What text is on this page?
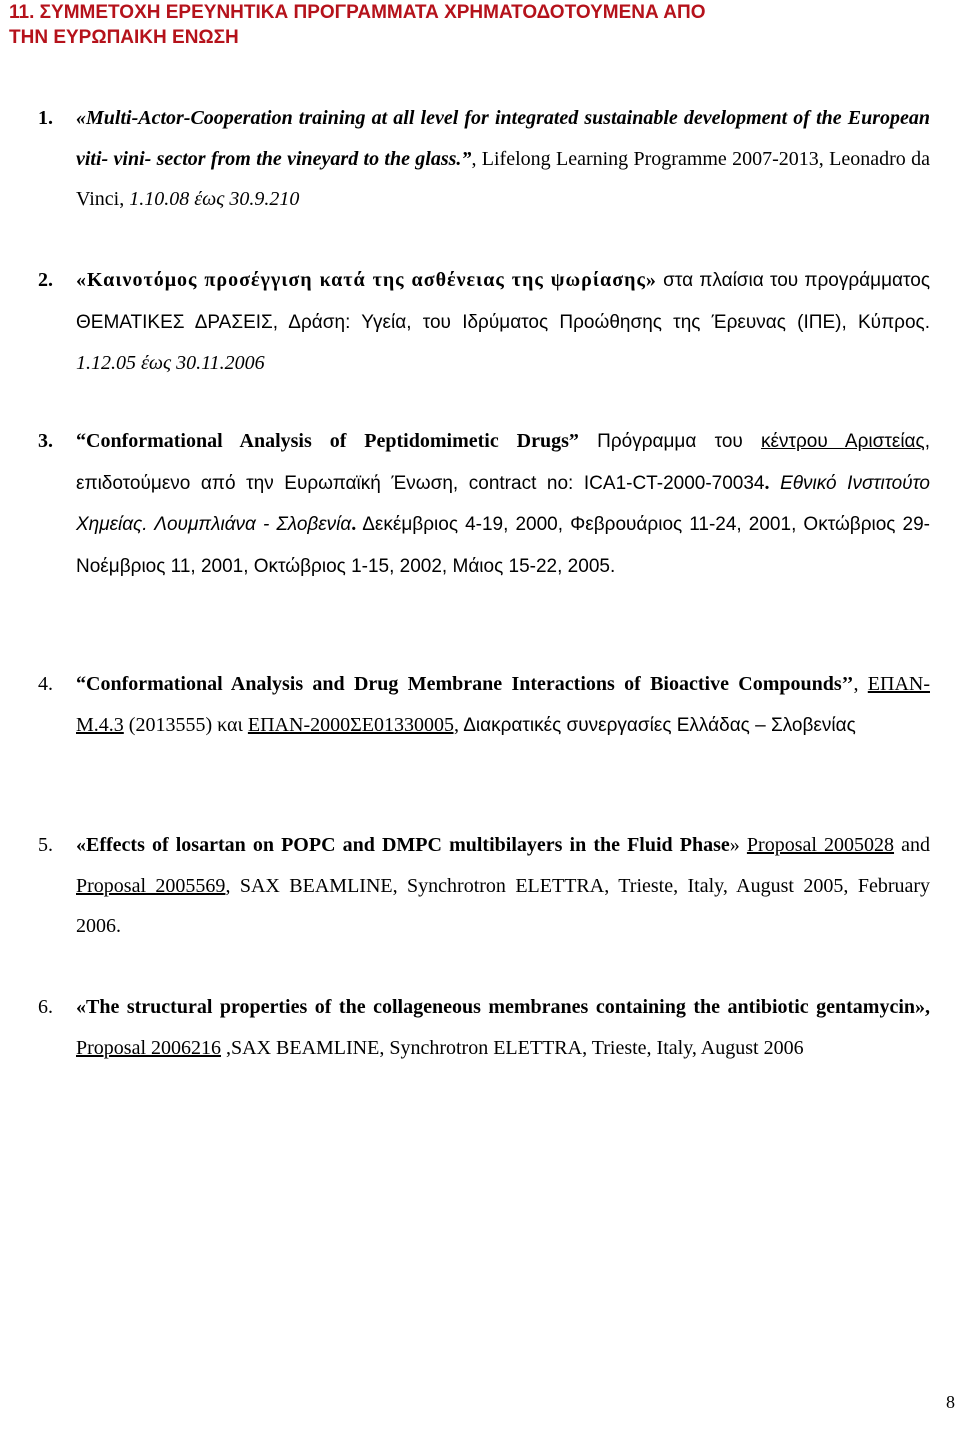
11. ΣΥΜΜΕΤΟΧΗ ΕΡΕΥΝΗΤΙΚΑ ΠΡΟΓΡΑΜΜΑΤΑ ΧΡΗΜΑΤΟΔΟΤΟΥΜΕΝΑ ΑΠΟ
ΤΗΝ ΕΥΡΩΠΑΙΚΗ ΕΝΩΣΗ
1. «Multi-Actor-Cooperation training at all level for integrated sustainable development of the European viti- vini- sector from the vineyard to the glass.”, Lifelong Learning Programme 2007-2013, Leonadro da Vinci, 1.10.08 έως 30.9.210

2. «Καινοτόμος προσέγγιση κατά της ασθένειας της ψωρίασης» στα πλαίσια του προγράμματος ΘΕΜΑΤΙΚΕΣ ΔΡΑΣΕΙΣ, Δράση: Υγεία, του Ιδρύματος Προώθησης της Έρευνας (ΙΠΕ), Κύπρος. 1.12.05 έως 30.11.2006

3. “Conformational Analysis of Peptidomimetic Drugs” Πρόγραμμα του κέντρου Αριστείας, επιδοτούμενο από την Ευρωπαϊκή Ένωση, contract no: ICA1-CT-2000-70034. Εθνικό Ινστιτούτο Χημείας. Λουμπλιάνα - Σλοβενία. Δεκέμβριος 4-19, 2000, Φεβρουάριος 11-24, 2001, Οκτώβριος 29- Νοέμβριος 11, 2001, Οκτώβριος 1-15, 2002, Μάιος 15-22, 2005.

4. “Conformational Analysis and Drug Membrane Interactions of Bioactive Compounds’’, ΕΠΑΝ-Μ.4.3 (2013555) και ΕΠΑΝ-2000ΣΕ01330005, Διακρατικές συνεργασίες Ελλάδας – Σλοβενίας

5. «Effects of losartan on POPC and DMPC multibilayers in the Fluid Phase» Proposal 2005028 and Proposal 2005569, SAX BEAMLINE, Synchrotron ELETTRA, Trieste, Italy, August 2005, February 2006.

6. «The structural properties of the collageneous membranes containing the antibiotic gentamycin», Proposal 2006216 ,SAX BEAMLINE, Synchrotron ELETTRA, Trieste, Italy, August 2006

8
